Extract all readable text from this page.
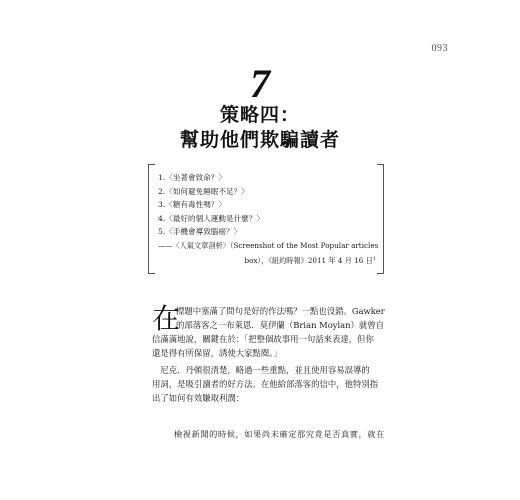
093
7
策略四：
幫助他們欺騙讀者
1.〈坐著會致命？〉
2.〈如何避免睡眠不足？〉
3.〈糖有毒性嗎？〉
4.〈最好的個人運動是什麼？〉
5.〈手機會導致腦癌？〉
——〈人氣文章剖析〉（Screenshot of the Most Popular articles
box），《紐約時報》2011 年 4 月 16 日$^1$
在
標題中塞滿了問句是好的作法嗎？一點也沒錯。Gawker
的部落客之一布萊恩．莫伊蘭（Brian Moylan）就曾自
信滿滿地說，關鍵在於：「把整個故事用一句話來表達，但你
還是得有所保留，誘使大家點閱。」
　尼克．丹頓很清楚，略過一些重點，並且使用容易誤導的
用詞，是吸引讀者的好方法。在他給部落客的信中，他特別指
出了如何有效賺取利潤：
檢視新聞的時候，如果尚未確定那究竟是否真實，就在
